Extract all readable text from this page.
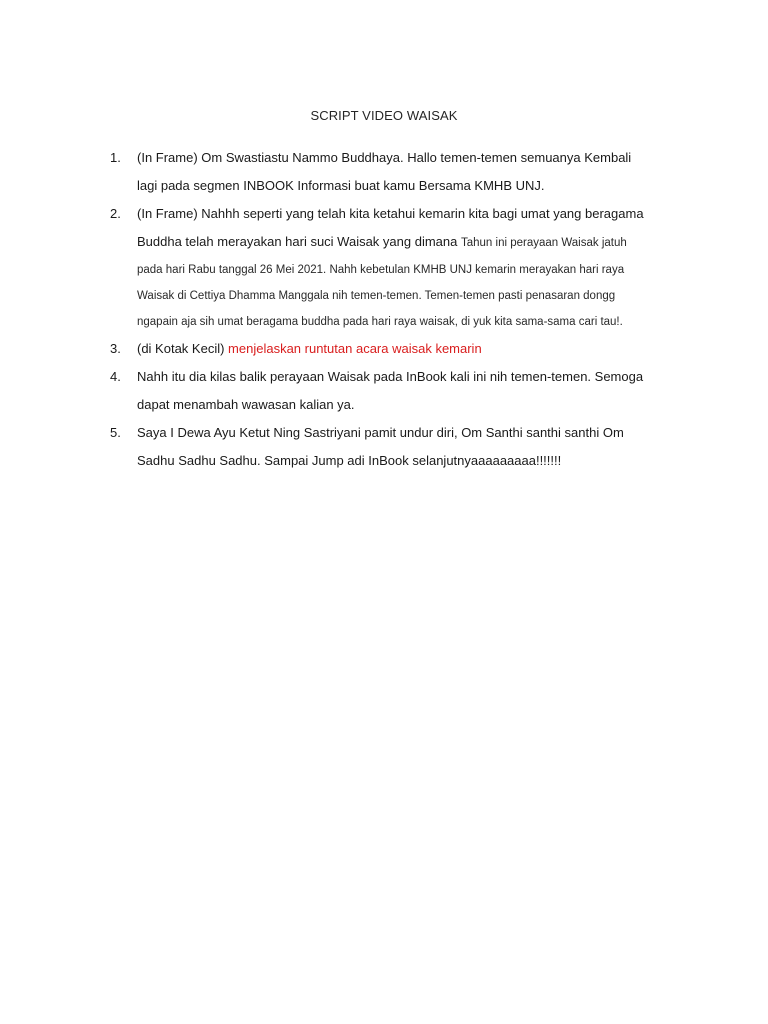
SCRIPT VIDEO WAISAK
1. (In Frame) Om Swastiastu Nammo Buddhaya. Hallo temen-temen semuanya Kembali
lagi pada segmen INBOOK Informasi buat kamu Bersama KMHB UNJ.
2. (In Frame) Nahhh seperti yang telah kita ketahui kemarin kita bagi umat yang beragama
Buddha telah merayakan hari suci Waisak yang dimana Tahun ini perayaan Waisak jatuh
pada hari Rabu tanggal 26 Mei 2021. Nahh kebetulan KMHB UNJ kemarin merayakan hari raya
Waisak di Cettiya Dhamma Manggala nih temen-temen. Temen-temen pasti penasaran dongg
ngapain aja sih umat beragama buddha pada hari raya waisak, di yuk kita sama-sama cari tau!.
3. (di Kotak Kecil) menjelaskan runtutan acara waisak kemarin
4. Nahh itu dia kilas balik perayaan Waisak pada InBook kali ini nih temen-temen. Semoga
dapat menambah wawasan kalian ya.
5. Saya I Dewa Ayu Ketut Ning Sastriyani pamit undur diri, Om Santhi santhi santhi Om
Sadhu Sadhu Sadhu. Sampai Jump adi InBook selanjutnyaaaaaaaaa!!!!!!!
